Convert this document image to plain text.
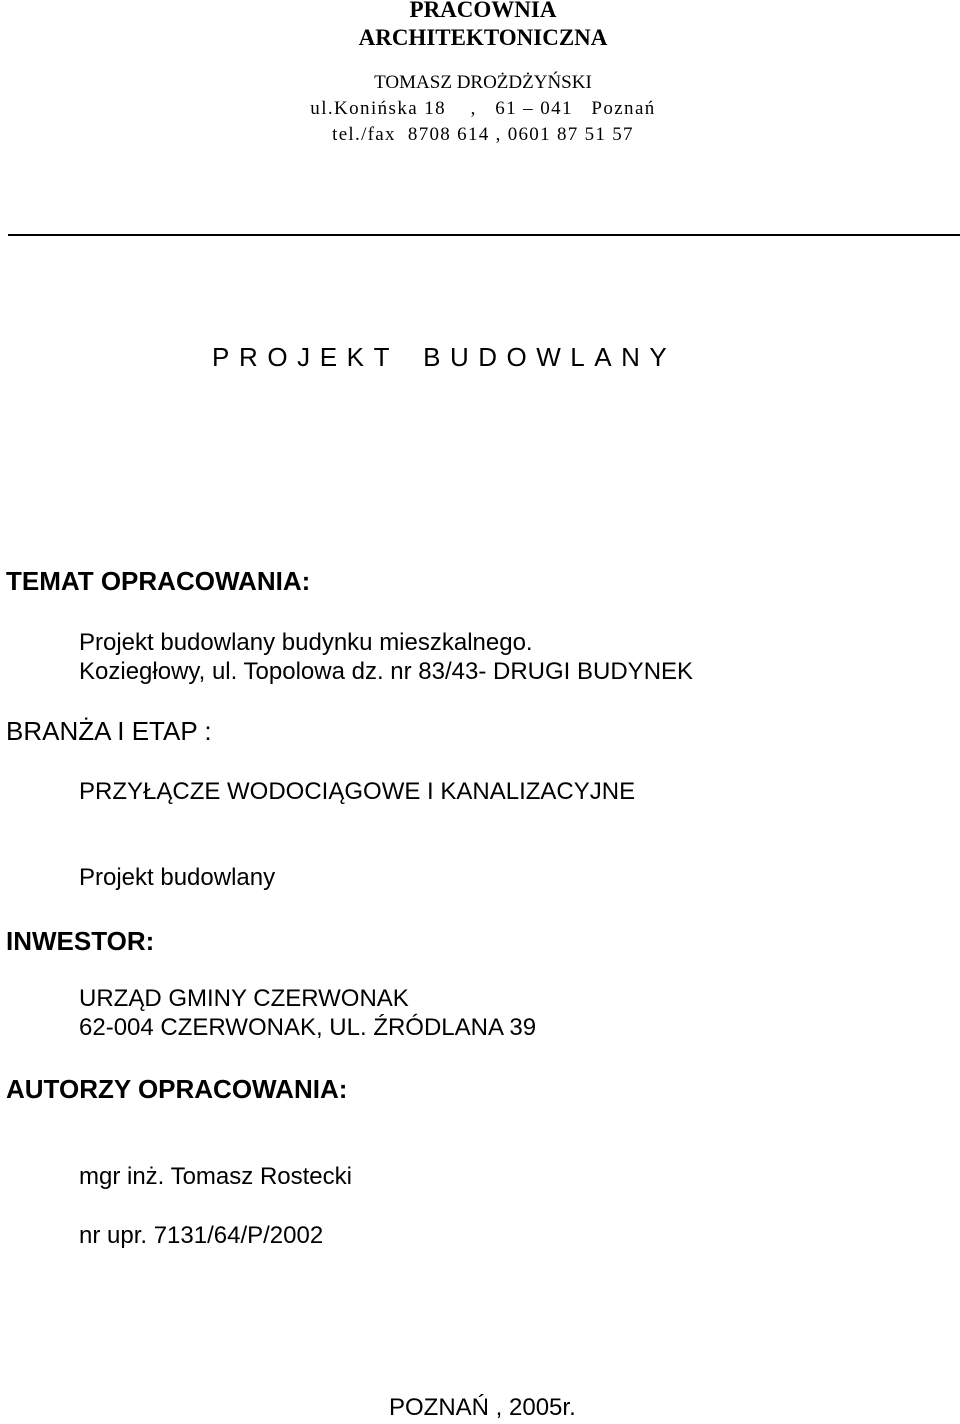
PRACOWNIA
ARCHITEKTONICZNA
TOMASZ DROŻDŻYŃSKI
ul.Konińska 18    ,   61 – 041   Poznań
tel./fax  8708 614 , 0601 87 51 57
PROJEKT BUDOWLANY
TEMAT OPRACOWANIA:
Projekt budowlany budynku mieszkalnego.
Koziegłowy, ul. Topolowa dz. nr 83/43- DRUGI BUDYNEK
BRANŻA I ETAP :
PRZYŁĄCZE WODOCIĄGOWE I KANALIZACYJNE
Projekt budowlany
INWESTOR:
URZĄD GMINY CZERWONAK
62-004 CZERWONAK, UL. ŹRÓDLANA 39
AUTORZY OPRACOWANIA:
mgr inż. Tomasz Rostecki
nr upr. 7131/64/P/2002
POZNAŃ , 2005r.
